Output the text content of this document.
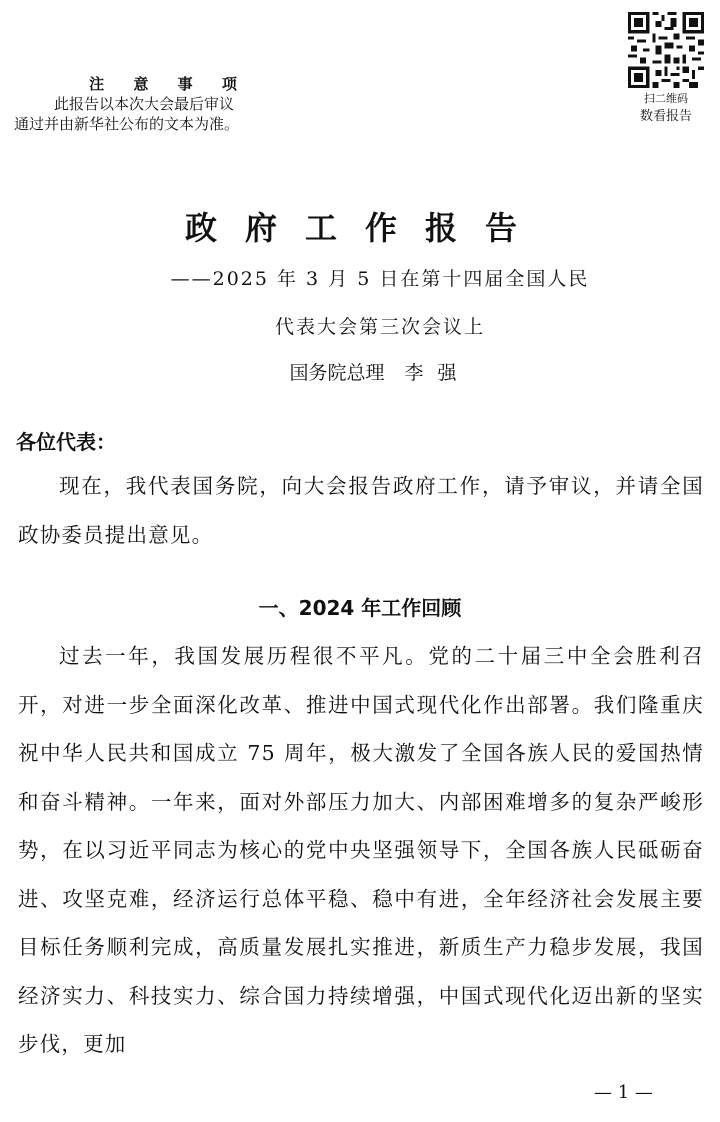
注 意 事 项
此报告以本次大会最后审议
通过并由新华社公布的文本为准。
扫二维码
数看报告
政府工作报告
——2025 年 3 月 5 日在第十四届全国人民
代表大会第三次会议上
国务院总理 李强
各位代表：
现在，我代表国务院，向大会报告政府工作，请予审议，并请全国政协委员提出意见。
一、2024 年工作回顾
过去一年，我国发展历程很不平凡。党的二十届三中全会胜利召开，对进一步全面深化改革、推进中国式现代化作出部署。我们隆重庆祝中华人民共和国成立 75 周年，极大激发了全国各族人民的爱国热情和奋斗精神。一年来，面对外部压力加大、内部困难增多的复杂严峻形势，在以习近平同志为核心的党中央坚强领导下，全国各族人民砥砺奋进、攻坚克难，经济运行总体平稳、稳中有进，全年经济社会发展主要目标任务顺利完成，高质量发展扎实推进，新质生产力稳步发展，我国经济实力、科技实力、综合国力持续增强，中国式现代化迈出新的坚实步伐，更加
— 1 —
